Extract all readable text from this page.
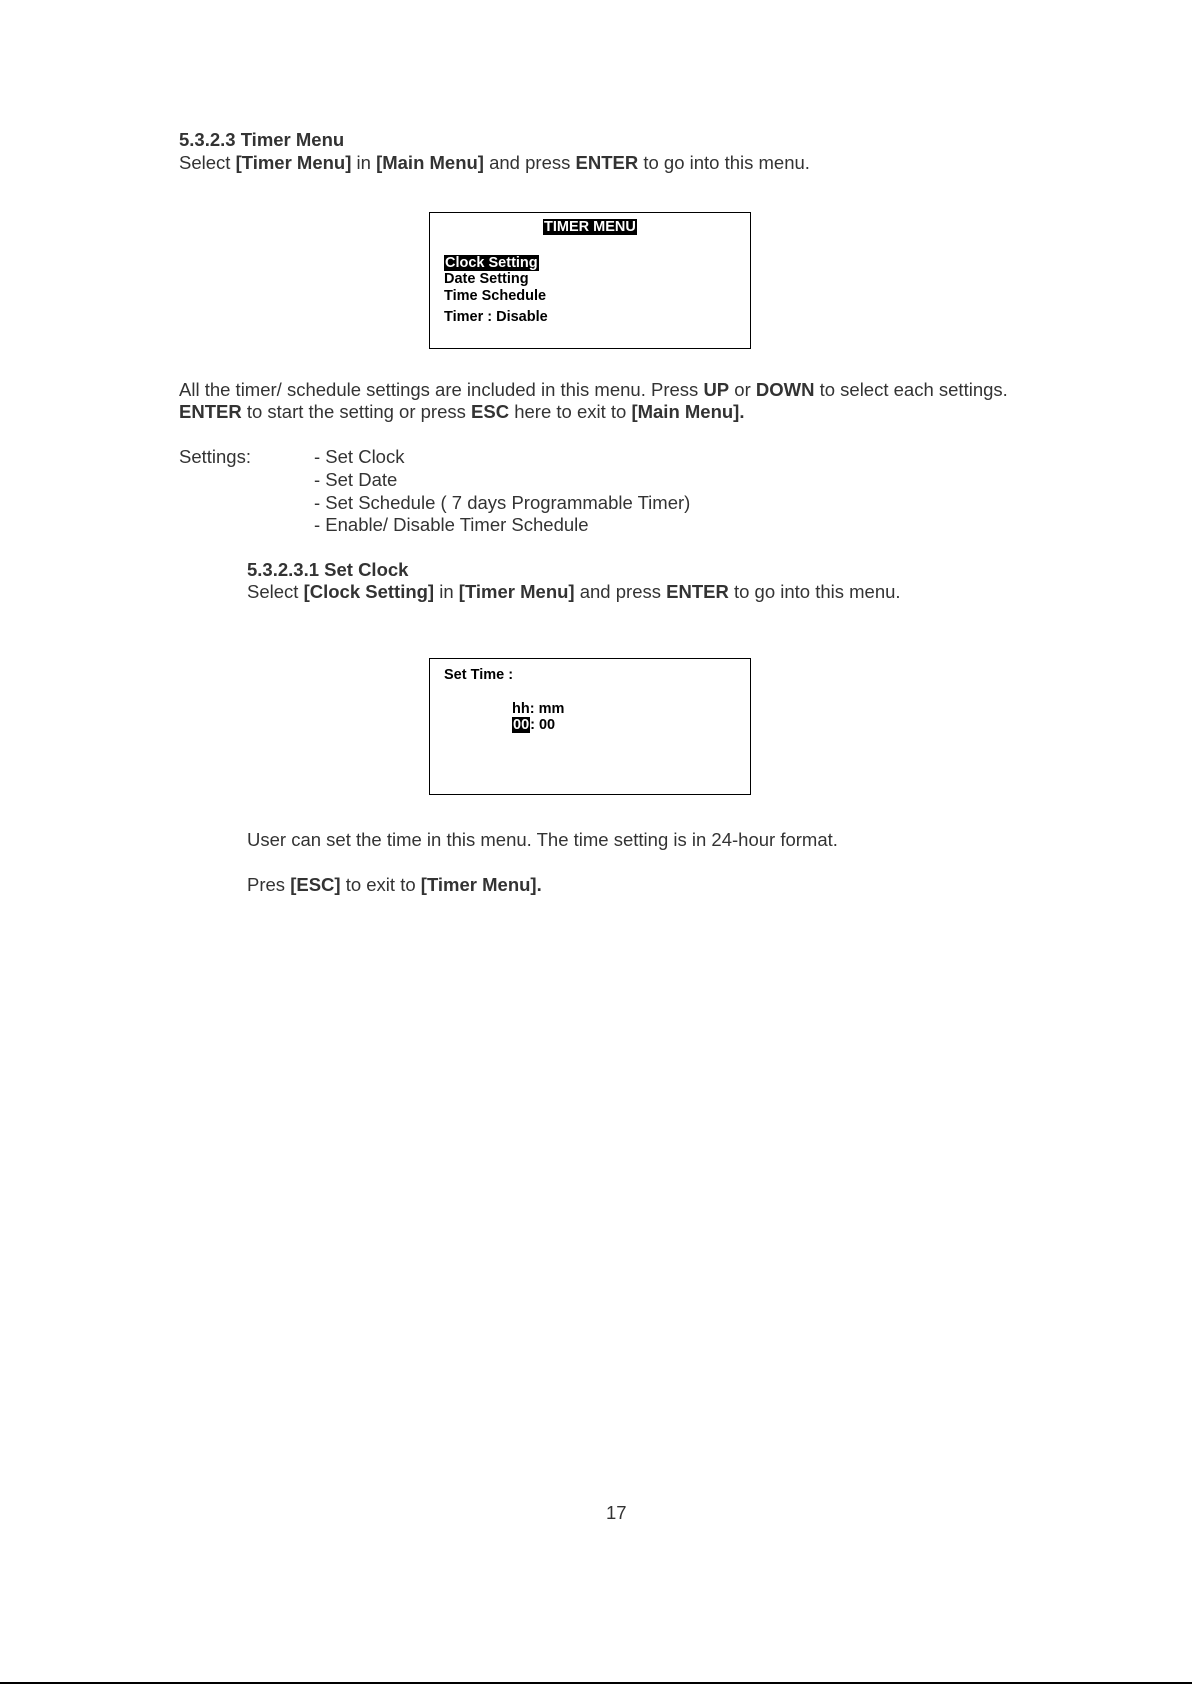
5.3.2.3 Timer Menu
Select [Timer Menu] in [Main Menu] and press ENTER to go into this menu.
TIMER MENU
Clock Setting
Date Setting
Time Schedule
Timer : Disable
All the timer/ schedule settings are included in this menu. Press UP or DOWN to select each settings.
ENTER to start the setting or press ESC here to exit to [Main Menu].
Settings:	- Set Clock
- Set Date
- Set Schedule ( 7 days Programmable Timer)
- Enable/ Disable Timer Schedule
5.3.2.3.1 Set Clock
Select [Clock Setting] in [Timer Menu] and press ENTER to go into this menu.
Set Time :
hh: mm
00: 00
User can set the time in this menu. The time setting is in 24-hour format.
Pres [ESC] to exit to [Timer Menu].
17
